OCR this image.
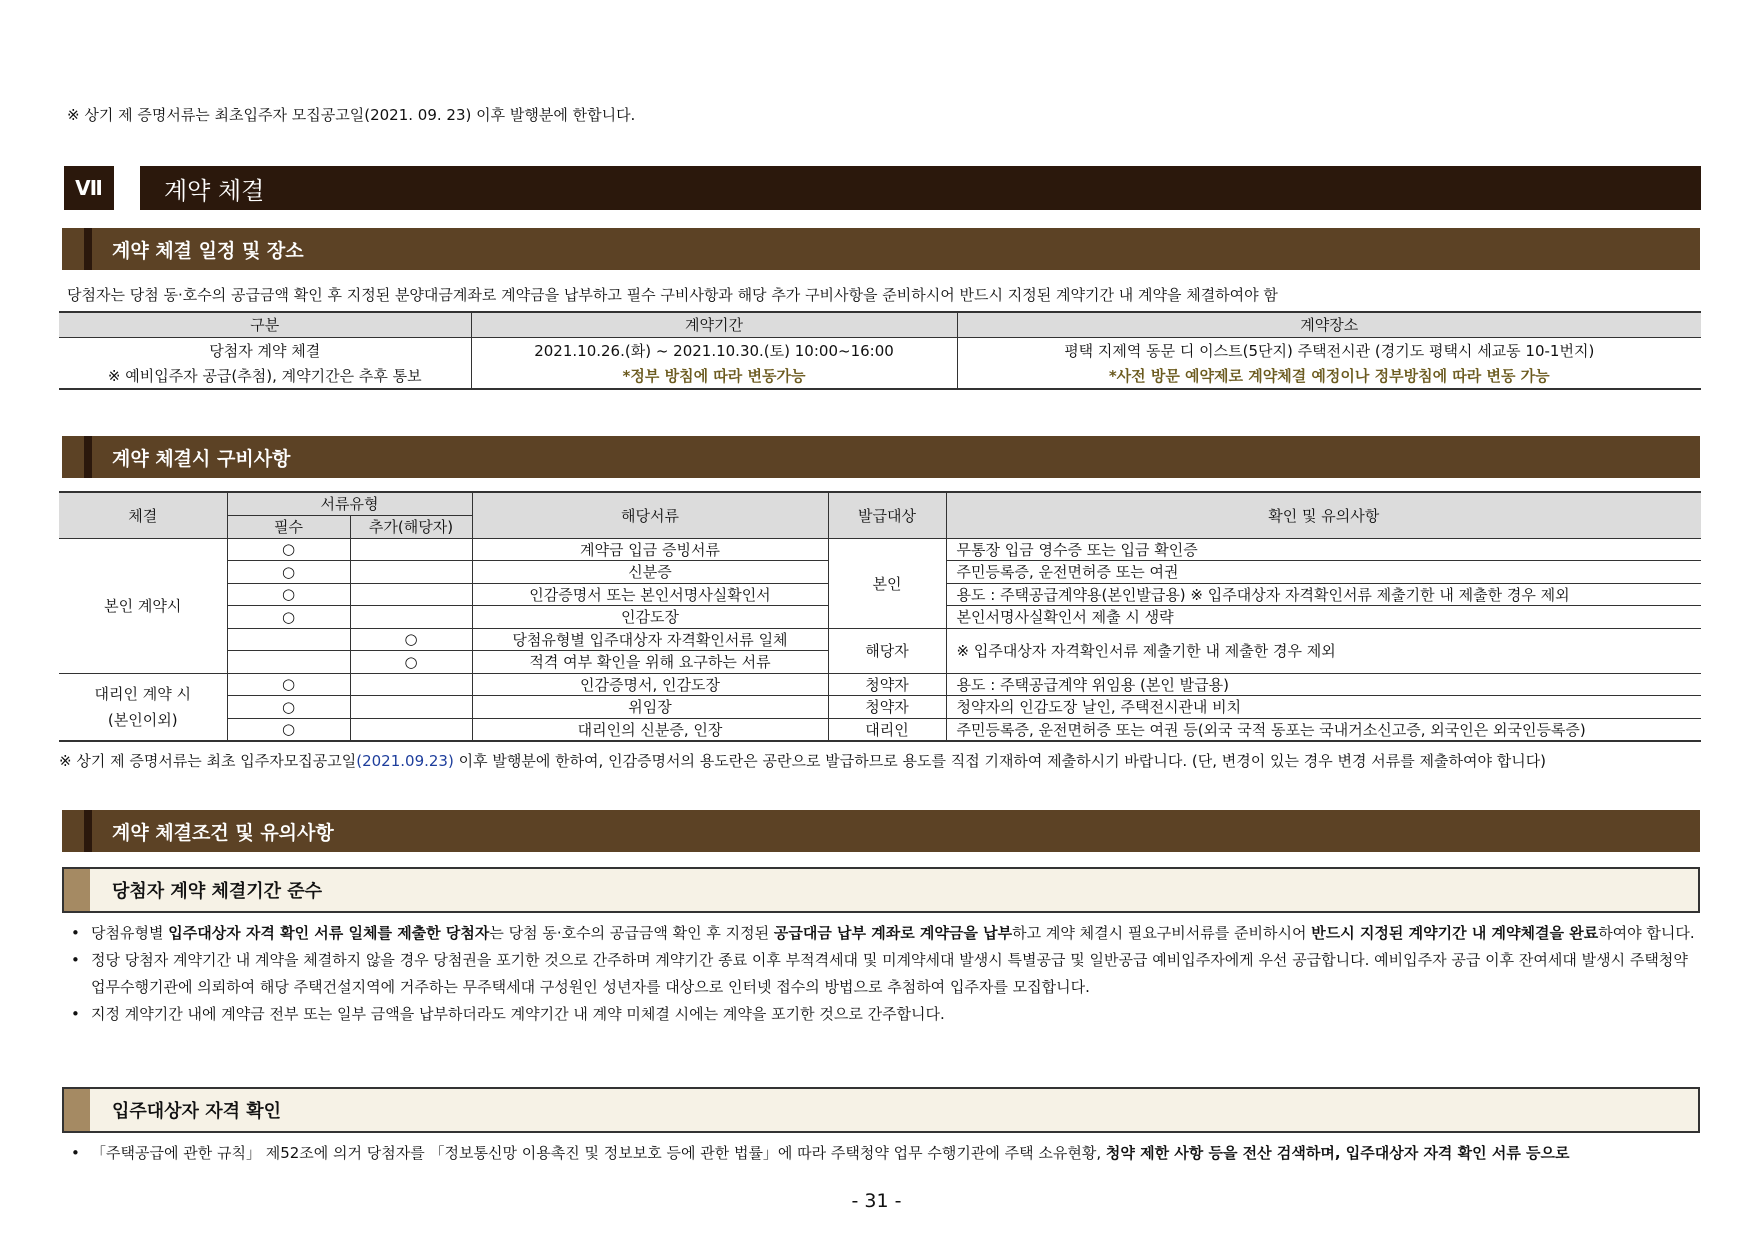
※ 상기 제 증명서류는 최초입주자 모집공고일(2021. 09. 23) 이후 발행분에 한합니다.
Ⅶ	계약 체결
계약 체결 일정 및 장소
당첨자는 당첨 동·호수의 공급금액 확인 후 지정된 분양대금계좌로 계약금을 납부하고 필수 구비사항과 해당 추가 구비사항을 준비하시어 반드시 지정된 계약기간 내 계약을 체결하여야 함
구분	계약기간	계약장소
당첨자 계약 체결	2021.10.26.(화) ~ 2021.10.30.(토) 10:00~16:00	평택 지제역 동문 디 이스트(5단지) 주택전시관 (경기도 평택시 세교동 10-1번지)
※ 예비입주자 공급(추첨), 계약기간은 추후 통보	*정부 방침에 따라 변동가능	*사전 방문 예약제로 계약체결 예정이나 정부방침에 따라 변동 가능
계약 체결시 구비사항
체결	서류유형		해당서류	발급대상	확인 및 유의사항
	필수	추가(해당자)			
본인 계약시	○		계약금 입금 증빙서류	본인	무통장 입금 영수증 또는 입금 확인증
	○		신분증		주민등록증, 운전면허증 또는 여권
	○		인감증명서 또는 본인서명사실확인서		용도 : 주택공급계약용(본인발급용) ※ 입주대상자 자격확인서류 제출기한 내 제출한 경우 제외
	○		인감도장		본인서명사실확인서 제출 시 생략
		○	당첨유형별 입주대상자 자격확인서류 일체	해당자	※ 입주대상자 자격확인서류 제출기한 내 제출한 경우 제외
		○	적격 여부 확인을 위해 요구하는 서류		

대리인 계약 시
(본인이외)	○		인감증명서, 인감도장	청약자	용도 : 주택공급계약 위임용 (본인 발급용)
	○		위임장	청약자	청약자의 인감도장 날인, 주택전시관내 비치
	○		대리인의 신분증, 인장	대리인	주민등록증, 운전면허증 또는 여권 등(외국 국적 동포는 국내거소신고증, 외국인은 외국인등록증)
※ 상기 제 증명서류는 최초 입주자모집공고일(2021.09.23) 이후 발행분에 한하여, 인감증명서의 용도란은 공란으로 발급하므로 용도를 직접 기재하여 제출하시기 바랍니다. (단, 변경이 있는 경우 변경 서류를 제출하여야 합니다)
계약 체결조건 및 유의사항
당첨자 계약 체결기간 준수
• 당첨유형별 입주대상자 자격 확인 서류 일체를 제출한 당첨자는 당첨 동·호수의 공급금액 확인 후 지정된 공급대금 납부 계좌로 계약금을 납부하고 계약 체결시 필요구비서류를 준비하시어 반드시 지정된 계약기간 내 계약체결을 완료하여야 합니다.
• 정당 당첨자 계약기간 내 계약을 체결하지 않을 경우 당첨권을 포기한 것으로 간주하며 계약기간 종료 이후 부적격세대 및 미계약세대 발생시 특별공급 및 일반공급 예비입주자에게 우선 공급합니다. 예비입주자 공급 이후 잔여세대 발생시 주택청약업무수행기관에 의뢰하여 해당 주택건설지역에 거주하는 무주택세대 구성원인 성년자를 대상으로 인터넷 접수의 방법으로 추첨하여 입주자를 모집합니다.
• 지정 계약기간 내에 계약금 전부 또는 일부 금액을 납부하더라도 계약기간 내 계약 미체결 시에는 계약을 포기한 것으로 간주합니다.
입주대상자 자격 확인
• 「주택공급에 관한 규칙」 제52조에 의거 당첨자를 「정보통신망 이용촉진 및 정보보호 등에 관한 법률」에 따라 주택청약 업무 수행기관에 주택 소유현황, 청약 제한 사항 등을 전산 검색하며, 입주대상자 자격 확인 서류 등으로
- 31 -
